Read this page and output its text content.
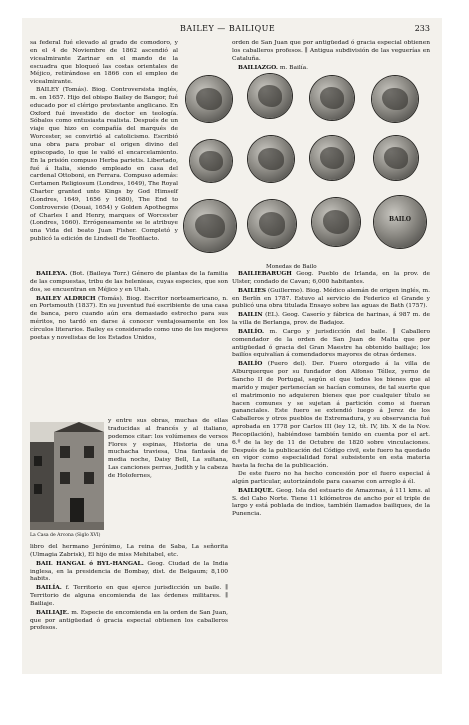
BAILEY — BAILIQUE	233

orden de San Juan que por antigüedad ó gracia especial obtienen los caballeros profesos. ∥ Antigua subdivisión de las veguerías en Cataluña.

BAILIAZGO. m. Bailía.

sa federal fué elevado al grado de comodoro, y en el 4 de Noviembre de 1862 ascendió al vicealmirante Zarinar en el mando de la escuadra que bloqueó las costas orientales de Méjico, retirándose en 1866 con el empleo de vicealmirante.

BAILEY (Tomás). Biog. Controversista inglés, m. en 1657. Hijo del obispo Bailey de Bangor, fué educado por el clérigo protestante anglicano. En Oxford fué investido de doctor en teología. Sóbalos como entusiasta realista. Después de un viaje que hizo en compañía del marqués de Worcester, se convirtió al catolicismo. Escribió una obra para probar el origen divino del episcopado, lo que le valió el encarcelamiento. En la prisión compuso Herba parietis. Libertado, fué á Italia, siendo empleado en casa del cardenal Ottoboni, en Ferrara. Compuso además: Certamen Religiosum (Londres, 1649), The Royal Charter granted unto Kings by God Himself (Londres, 1649, 1656 y 1680), The End to Controversie (Douai, 1654) y Golden Apothegms of Charles I and Henry, marques of Worcester (Londres, 1660). Errógeneamente se le atribuye una Vida del beato Juan Fisher. Completó y publicó la edición de Lindsell de Teofilacto.

BAILO
Monedas de Bailo

BAILEYA. (Bot. (Baileya Torr.) Género de plantas de la familia de las compuestas, tribu de las helenieas, cuyas especies, que son dos, se encuentran en Méjico y en Utah.

BAILEY ALDRICH (Tomás). Biog. Escritor norteamericano, n. en Portsmouth (1837). En su juventud fué escribiente de una casa de banca, pero cuando aún era demasiado estrecho para sus méritos, no tardó en darse á conocer ventajosamente en los círculos literarios. Bailey es considerado como uno de los mejores poetas y novelistas de los Estados Unidos,

La Casa de Arcona (Siglo XVI)

y entre sus obras, muchas de ellas traducidas al francés y al italiano, podemos citar: los volúmenes de versos Flores y espinas, Historia de una muchacha traviesa, Una fantasía de media noche, Daisy Bell, La sultana, Las canciones perras, Judith y la cabeza de Holofernes,

libro del hermano Jerónimo, La reina de Saba, La señorita (Ulmagia Zabrisk), El hijo de miss Mehitabel, etc.

BAIL HANGAL ó BYL-HANGAL. Geog. Ciudad de la India inglesa, en la presidencia de Bombay, dist. de Belgaum; 8,100 habits.

BAILÍA. f. Territorio en que ejerce jurisdicción un baile. ∥ Territorio de alguna encomienda de las órdenes militares. ∥ Bailiaje.

BAILIAJE. m. Especie de encomienda en la orden de San Juan, que por antigüedad ó gracia especial obtienen los caballeros profesos.

BAILIEBARUGH Geog. Pueblo de Irlanda, en la prov. de Ulster, condado de Cavan; 6,000 habitantes.

BAILIES (Guillermo). Biog. Médico alemán de origen inglés, m. en Berlín en 1787. Estuvo al servicio de Federico el Grande y publicó una obra titulada Ensayo sobre las aguas de Bath (1757).

BAILIN (EL). Geog. Caserío y fábrica de harinas, á 987 m. de la villa de Berlanga, prov. de Badajoz.

BAILÍO. m. Cargo y jurisdicción del baile. ∥ Caballero comendador de la orden de San Juan de Malta que por antigüedad ó gracia del Gran Maestre ha obtenido bailiaje; los bailíos equivalían á comendadores mayores de otras órdenes.

BAILÍO (Fuero del). Der. Fuero otorgado á la villa de Alburquerque por su fundador don Alfonso Téllez, yerno de Sancho II de Portugal, según el que todos los bienes que al marido y mujer pertenecían se hacían comunes, de tal suerte que el matrimonio no adquieren bienes que por cualquier título se hacen comunes y se sujetan á partición como si fueran gananciales. Este fuero se extendió luego á Jerez de los Caballeros y otros pueblos de Extremadura, y su observancia fué aprobada en 1778 por Carlos III (ley 12, tít. IV, lib. X de la Nov. Recopilación), habiéndose también tenido en cuenta por el art. 6.º de la ley de 11 de Octubre de 1820 sobre vinculaciones. Después de la publicación del Código civil, este fuero ha quedado en vigor como especialidad foral subsistente en esta materia hasta la fecha de la publicación.

De este fuero no ha hecho concesión por el fuero especial á algún particular, autorizándole para casarse con arreglo á él.

BAILIQUE. Geog. Isla del estuario de Amazonas, á 111 kms. al S. del Cabo Norte. Tiene 11 kilómetros de ancho por el triple de largo y está poblada de indios, también llamados bailiques, de la Punencia.
